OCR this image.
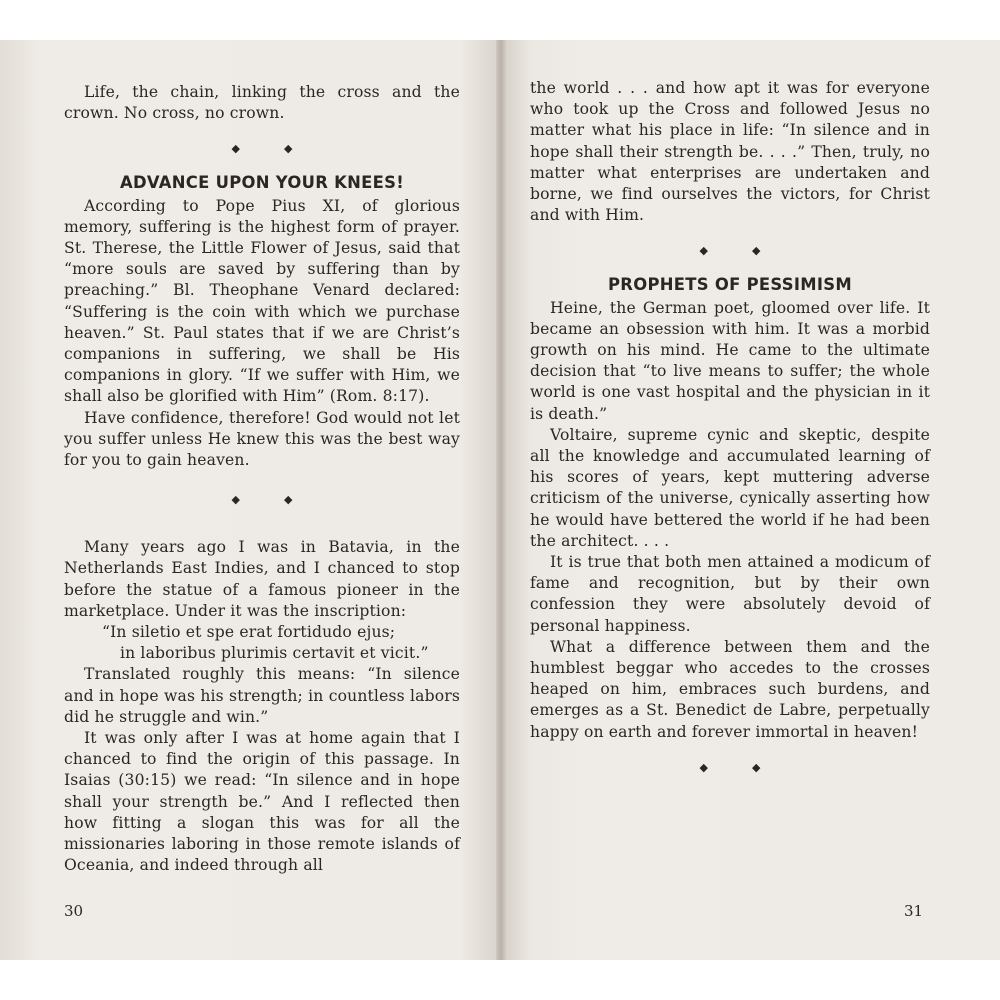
Life, the chain, linking the cross and the crown. No cross, no crown.

◆	◆
ADVANCE UPON YOUR KNEES!

According to Pope Pius XI, of glorious memory, suffering is the highest form of prayer. St. Therese, the Little Flower of Jesus, said that “more souls are saved by suffering than by preaching.” Bl. Theophane Venard declared: “Suffering is the coin with which we purchase heaven.” St. Paul states that if we are Christ’s companions in suffering, we shall be His companions in glory. “If we suffer with Him, we shall also be glorified with Him” (Rom. 8:17).

Have confidence, therefore! God would not let you suffer unless He knew this was the best way for you to gain heaven.

◆	◆

Many years ago I was in Batavia, in the Netherlands East Indies, and I chanced to stop before the statue of a famous pioneer in the marketplace. Under it was the inscription:

“In siletio et spe erat fortidudo ejus;

in laboribus plurimis certavit et vicit.”

Translated roughly this means: “In silence and in hope was his strength; in countless labors did he struggle and win.”

It was only after I was at home again that I chanced to find the origin of this passage. In Isaias (30:15) we read: “In silence and in hope shall your strength be.” And I reflected then how fitting a slogan this was for all the missionaries laboring in those remote islands of Oceania, and indeed through all

30

the world . . . and how apt it was for everyone who took up the Cross and followed Jesus no matter what his place in life: “In silence and in hope shall their strength be. . . .” Then, truly, no matter what enterprises are undertaken and borne, we find ourselves the victors, for Christ and with Him.

◆	◆
PROPHETS OF PESSIMISM

Heine, the German poet, gloomed over life. It became an obsession with him. It was a morbid growth on his mind. He came to the ultimate decision that “to live means to suffer; the whole world is one vast hospital and the physician in it is death.”

Voltaire, supreme cynic and skeptic, despite all the knowledge and accumulated learning of his scores of years, kept muttering adverse criticism of the universe, cynically asserting how he would have bettered the world if he had been the architect. . . .

It is true that both men attained a modicum of fame and recognition, but by their own confession they were absolutely devoid of personal happiness.

What a difference between them and the humblest beggar who accedes to the crosses heaped on him, embraces such burdens, and emerges as a St. Benedict de Labre, perpetually happy on earth and forever immortal in heaven!

◆	◆
31
